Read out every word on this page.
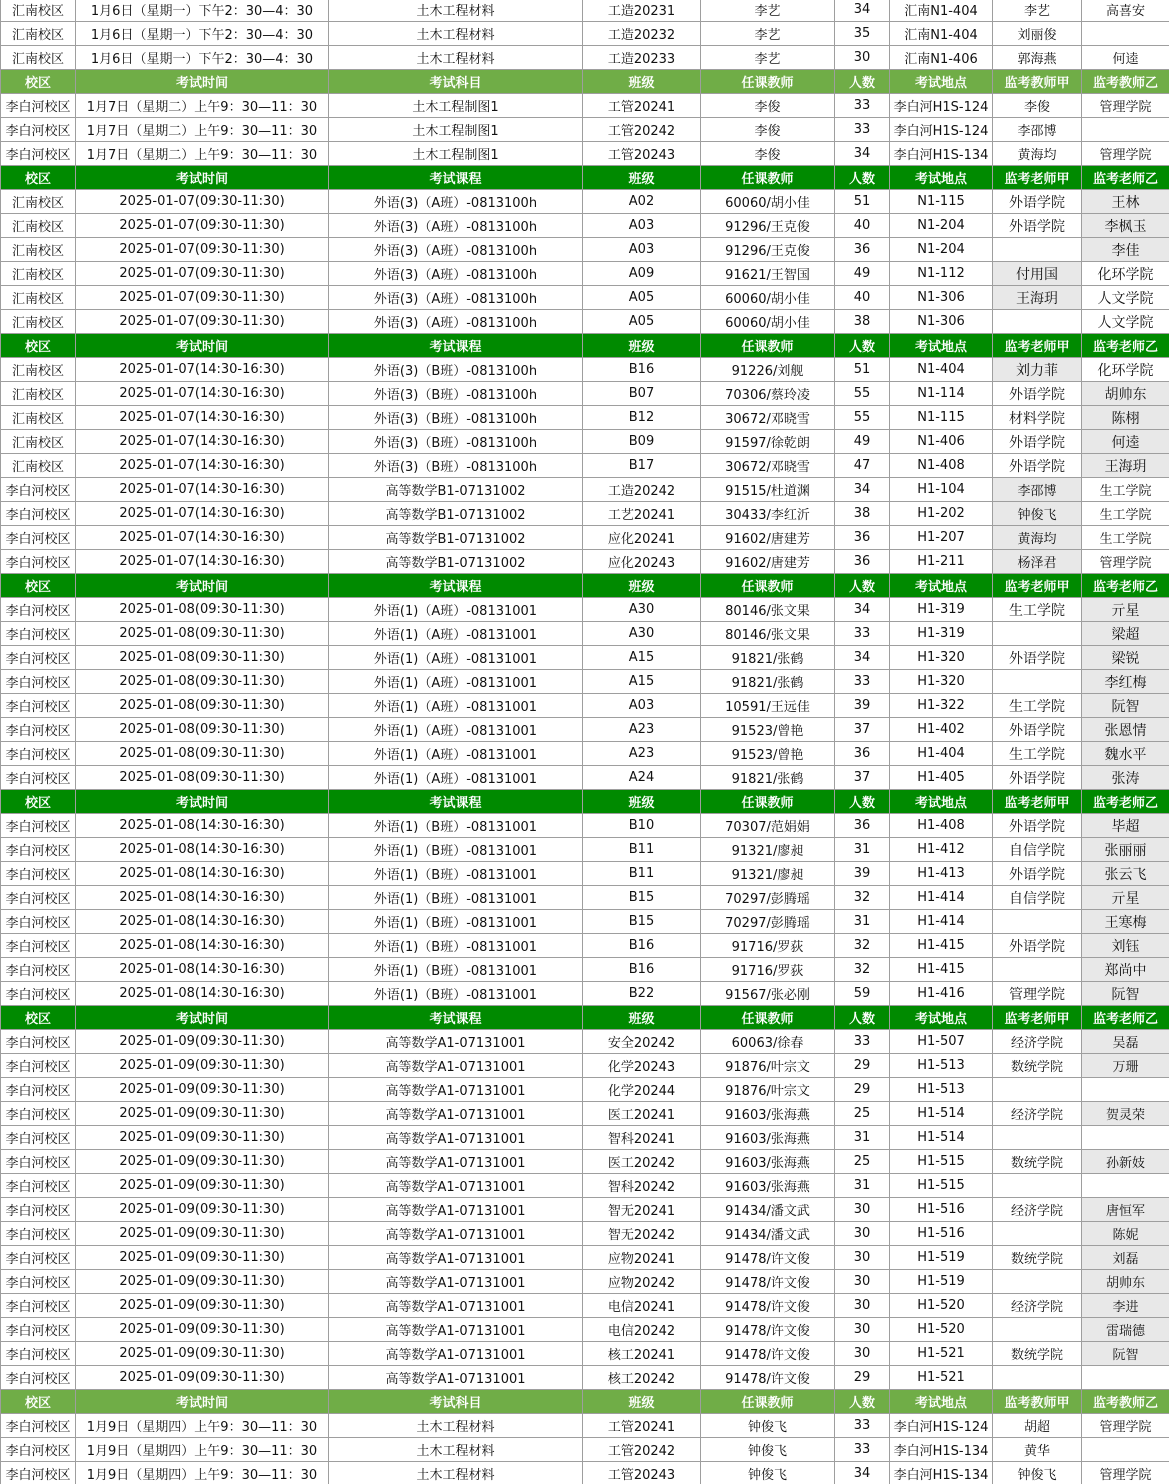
汇南校区	1月6日（星期一）下午2：30—4：30	土木工程材料	工造20231	李艺	34	汇南N1-404	李艺	高喜安
汇南校区	1月6日（星期一）下午2：30—4：30	土木工程材料	工造20232	李艺	35	汇南N1-404	刘丽俊	
汇南校区	1月6日（星期一）下午2：30—4：30	土木工程材料	工造20233	李艺	30	汇南N1-406	郭海燕	何逵
校区	考试时间	考试科目	班级	任课教师	人数	考试地点	监考教师甲	监考教师乙
李白河校区	1月7日（星期二）上午9：30—11：30	土木工程制图1	工管20241	李俊	33	李白河H1S-124	李俊	管理学院
李白河校区	1月7日（星期二）上午9：30—11：30	土木工程制图1	工管20242	李俊	33	李白河H1S-124	李邵博	
李白河校区	1月7日（星期二）上午9：30—11：30	土木工程制图1	工管20243	李俊	34	李白河H1S-134	黄海均	管理学院
校区	考试时间	考试课程	班级	任课教师	人数	考试地点	监考老师甲	监考老师乙
汇南校区	2025-01-07(09:30-11:30)	外语(3)（A班）-0813100h	A02	60060/胡小佳	51	N1-115	外语学院	王林
汇南校区	2025-01-07(09:30-11:30)	外语(3)（A班）-0813100h	A03	91296/王克俊	40	N1-204	外语学院	李枫玉
汇南校区	2025-01-07(09:30-11:30)	外语(3)（A班）-0813100h	A03	91296/王克俊	36	N1-204		李佳
汇南校区	2025-01-07(09:30-11:30)	外语(3)（A班）-0813100h	A09	91621/王智国	49	N1-112	付用国	化环学院
汇南校区	2025-01-07(09:30-11:30)	外语(3)（A班）-0813100h	A05	60060/胡小佳	40	N1-306	王海玥	人文学院
汇南校区	2025-01-07(09:30-11:30)	外语(3)（A班）-0813100h	A05	60060/胡小佳	38	N1-306		人文学院
校区	考试时间	考试课程	班级	任课教师	人数	考试地点	监考老师甲	监考老师乙
汇南校区	2025-01-07(14:30-16:30)	外语(3)（B班）-0813100h	B16	91226/刘舰	51	N1-404	刘力菲	化环学院
汇南校区	2025-01-07(14:30-16:30)	外语(3)（B班）-0813100h	B07	70306/蔡玲凌	55	N1-114	外语学院	胡帅东
汇南校区	2025-01-07(14:30-16:30)	外语(3)（B班）-0813100h	B12	30672/邓晓雪	55	N1-115	材料学院	陈栩
汇南校区	2025-01-07(14:30-16:30)	外语(3)（B班）-0813100h	B09	91597/徐乾朗	49	N1-406	外语学院	何逵
汇南校区	2025-01-07(14:30-16:30)	外语(3)（B班）-0813100h	B17	30672/邓晓雪	47	N1-408	外语学院	王海玥
李白河校区	2025-01-07(14:30-16:30)	高等数学B1-07131002	工造20242	91515/杜道渊	34	H1-104	李邵博	生工学院
李白河校区	2025-01-07(14:30-16:30)	高等数学B1-07131002	工艺20241	30433/李红沂	38	H1-202	钟俊飞	生工学院
李白河校区	2025-01-07(14:30-16:30)	高等数学B1-07131002	应化20241	91602/唐建芳	36	H1-207	黄海均	生工学院
李白河校区	2025-01-07(14:30-16:30)	高等数学B1-07131002	应化20243	91602/唐建芳	36	H1-211	杨泽君	管理学院
校区	考试时间	考试课程	班级	任课教师	人数	考试地点	监考老师甲	监考老师乙
李白河校区	2025-01-08(09:30-11:30)	外语(1)（A班）-08131001	A30	80146/张文果	34	H1-319	生工学院	亓星
李白河校区	2025-01-08(09:30-11:30)	外语(1)（A班）-08131001	A30	80146/张文果	33	H1-319		梁超
李白河校区	2025-01-08(09:30-11:30)	外语(1)（A班）-08131001	A15	91821/张鹤	34	H1-320	外语学院	梁锐
李白河校区	2025-01-08(09:30-11:30)	外语(1)（A班）-08131001	A15	91821/张鹤	33	H1-320		李红梅
李白河校区	2025-01-08(09:30-11:30)	外语(1)（A班）-08131001	A03	10591/王远佳	39	H1-322	生工学院	阮智
李白河校区	2025-01-08(09:30-11:30)	外语(1)（A班）-08131001	A23	91523/曾艳	37	H1-402	外语学院	张恩情
李白河校区	2025-01-08(09:30-11:30)	外语(1)（A班）-08131001	A23	91523/曾艳	36	H1-404	生工学院	魏水平
李白河校区	2025-01-08(09:30-11:30)	外语(1)（A班）-08131001	A24	91821/张鹤	37	H1-405	外语学院	张涛
校区	考试时间	考试课程	班级	任课教师	人数	考试地点	监考老师甲	监考老师乙
李白河校区	2025-01-08(14:30-16:30)	外语(1)（B班）-08131001	B10	70307/范娟娟	36	H1-408	外语学院	毕超
李白河校区	2025-01-08(14:30-16:30)	外语(1)（B班）-08131001	B11	91321/廖昶	31	H1-412	自信学院	张丽丽
李白河校区	2025-01-08(14:30-16:30)	外语(1)（B班）-08131001	B11	91321/廖昶	39	H1-413	外语学院	张云飞
李白河校区	2025-01-08(14:30-16:30)	外语(1)（B班）-08131001	B15	70297/彭腾瑶	32	H1-414	自信学院	亓星
李白河校区	2025-01-08(14:30-16:30)	外语(1)（B班）-08131001	B15	70297/彭腾瑶	31	H1-414		王寒梅
李白河校区	2025-01-08(14:30-16:30)	外语(1)（B班）-08131001	B16	91716/罗荻	32	H1-415	外语学院	刘钰
李白河校区	2025-01-08(14:30-16:30)	外语(1)（B班）-08131001	B16	91716/罗荻	32	H1-415		郑尚中
李白河校区	2025-01-08(14:30-16:30)	外语(1)（B班）-08131001	B22	91567/张必刚	59	H1-416	管理学院	阮智
校区	考试时间	考试课程	班级	任课教师	人数	考试地点	监考老师甲	监考老师乙
李白河校区	2025-01-09(09:30-11:30)	高等数学A1-07131001	安全20242	60063/徐春	33	H1-507	经济学院	吴磊
李白河校区	2025-01-09(09:30-11:30)	高等数学A1-07131001	化学20243	91876/叶宗文	29	H1-513	数统学院	万珊
李白河校区	2025-01-09(09:30-11:30)	高等数学A1-07131001	化学20244	91876/叶宗文	29	H1-513		
李白河校区	2025-01-09(09:30-11:30)	高等数学A1-07131001	医工20241	91603/张海燕	25	H1-514	经济学院	贺灵荣
李白河校区	2025-01-09(09:30-11:30)	高等数学A1-07131001	智科20241	91603/张海燕	31	H1-514		
李白河校区	2025-01-09(09:30-11:30)	高等数学A1-07131001	医工20242	91603/张海燕	25	H1-515	数统学院	孙新妓
李白河校区	2025-01-09(09:30-11:30)	高等数学A1-07131001	智科20242	91603/张海燕	31	H1-515		
李白河校区	2025-01-09(09:30-11:30)	高等数学A1-07131001	智无20241	91434/潘文武	30	H1-516	经济学院	唐恒军
李白河校区	2025-01-09(09:30-11:30)	高等数学A1-07131001	智无20242	91434/潘文武	30	H1-516		陈妮
李白河校区	2025-01-09(09:30-11:30)	高等数学A1-07131001	应物20241	91478/许文俊	30	H1-519	数统学院	刘磊
李白河校区	2025-01-09(09:30-11:30)	高等数学A1-07131001	应物20242	91478/许文俊	30	H1-519		胡帅东
李白河校区	2025-01-09(09:30-11:30)	高等数学A1-07131001	电信20241	91478/许文俊	30	H1-520	经济学院	李进
李白河校区	2025-01-09(09:30-11:30)	高等数学A1-07131001	电信20242	91478/许文俊	30	H1-520		雷瑞德
李白河校区	2025-01-09(09:30-11:30)	高等数学A1-07131001	核工20241	91478/许文俊	30	H1-521	数统学院	阮智
李白河校区	2025-01-09(09:30-11:30)	高等数学A1-07131001	核工20242	91478/许文俊	29	H1-521		
校区	考试时间	考试科目	班级	任课教师	人数	考试地点	监考教师甲	监考教师乙
李白河校区	1月9日（星期四）上午9：30—11：30	土木工程材料	工管20241	钟俊飞	33	李白河H1S-124	胡超	管理学院
李白河校区	1月9日（星期四）上午9：30—11：30	土木工程材料	工管20242	钟俊飞	33	李白河H1S-134	黄华	
李白河校区	1月9日（星期四）上午9：30—11：30	土木工程材料	工管20243	钟俊飞	34	李白河H1S-134	钟俊飞	管理学院
